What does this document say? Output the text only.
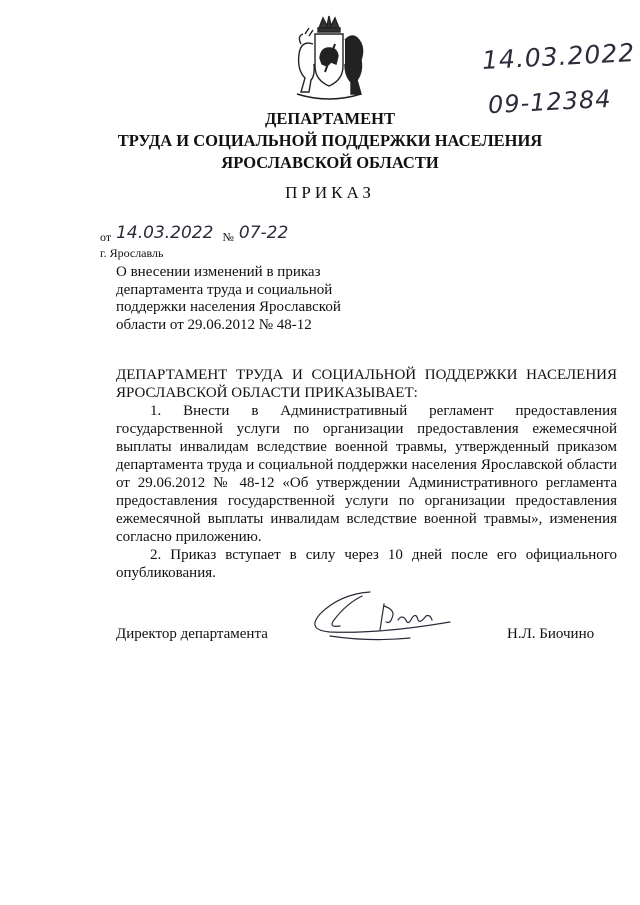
14.03.2022
09-12384
ДЕПАРТАМЕНТ
ТРУДА И СОЦИАЛЬНОЙ ПОДДЕРЖКИ НАСЕЛЕНИЯ
ЯРОСЛАВСКОЙ ОБЛАСТИ
ПРИКАЗ
от 14.03.2022 № 07-22
г. Ярославль
О внесении изменений в приказ департамента труда и социальной поддержки населения Ярославской области от 29.06.2012 № 48-12

ДЕПАРТАМЕНТ ТРУДА И СОЦИАЛЬНОЙ ПОДДЕРЖКИ НАСЕЛЕНИЯ ЯРОСЛАВСКОЙ ОБЛАСТИ ПРИКАЗЫВАЕТ:

1. Внести в Административный регламент предоставления государственной услуги по организации предоставления ежемесячной выплаты инвалидам вследствие военной травмы, утвержденный приказом департамента труда и социальной поддержки населения Ярославской области от 29.06.2012 № 48-12 «Об утверждении Административного регламента предоставления государственной услуги по организации предоставления ежемесячной выплаты инвалидам вследствие военной травмы», изменения согласно приложению.

2. Приказ вступает в силу через 10 дней после его официального опубликования.

Директор департамента	Н.Л. Биочино
